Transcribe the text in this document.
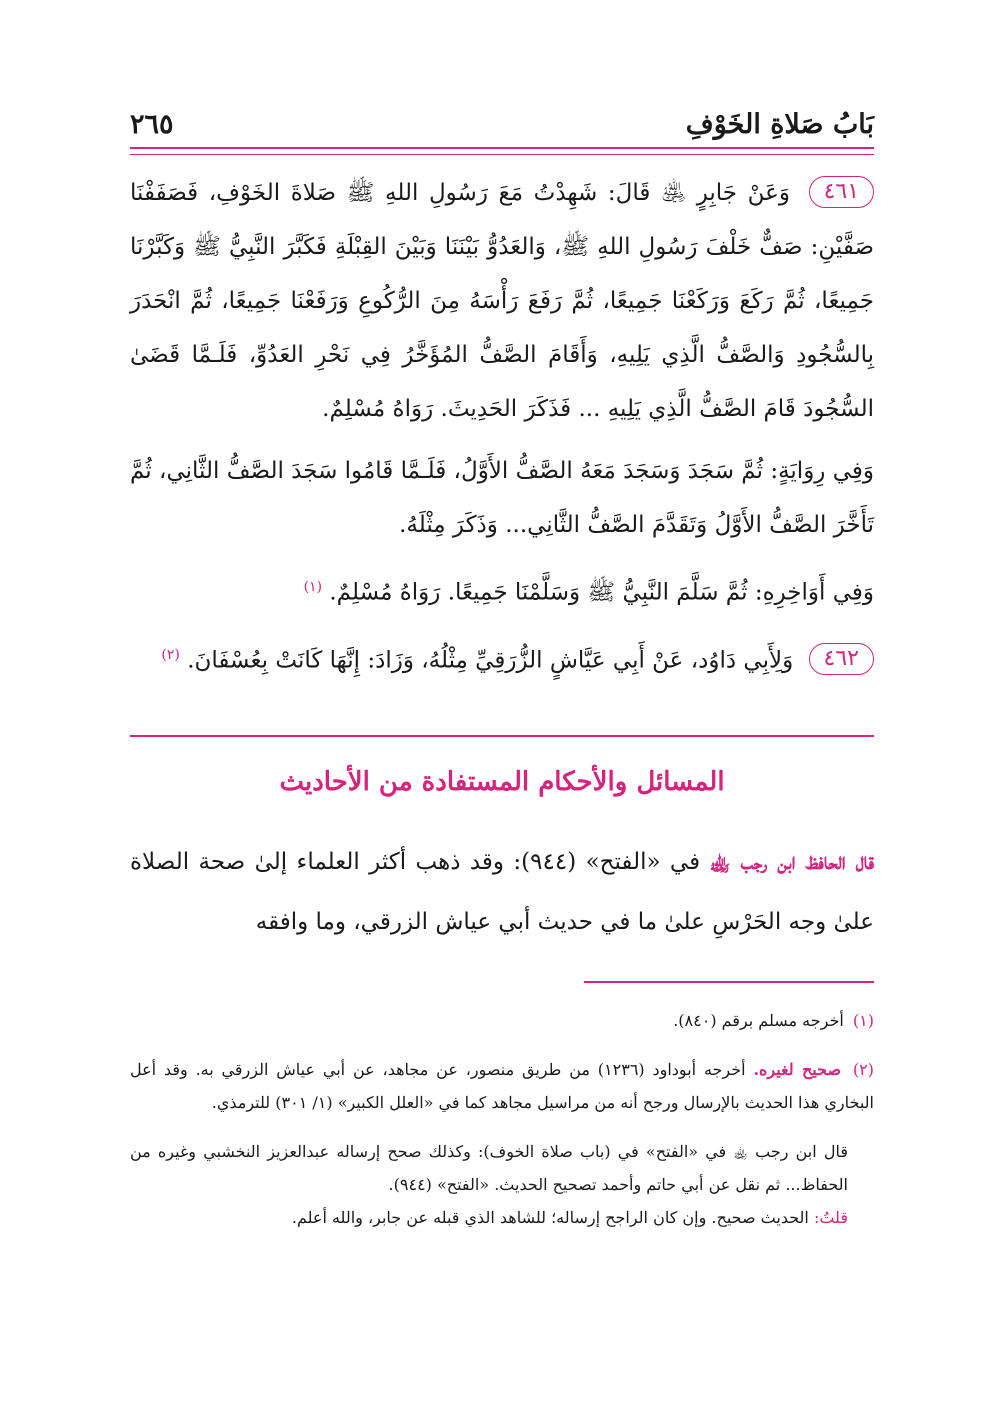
بَابُ صَلاةِ الخَوْفِ
٢٦٥

٤٦١ وَعَنْ جَابِرٍ ﵁ قَالَ: شَهِدْتُ مَعَ رَسُولِ اللهِ ﷺ صَلاةَ الخَوْفِ، فَصَفَفْنَا صَفَّيْنِ: صَفٌّ خَلْفَ رَسُولِ اللهِ ﷺ، وَالعَدُوُّ بَيْنَنَا وَبَيْنَ القِبْلَةِ فَكَبَّرَ النَّبِيُّ ﷺ وَكَبَّرْنَا جَمِيعًا، ثُمَّ رَكَعَ وَرَكَعْنَا جَمِيعًا، ثُمَّ رَفَعَ رَأْسَهُ مِنَ الرُّكُوعِ وَرَفَعْنَا جَمِيعًا، ثُمَّ انْحَدَرَ بِالسُّجُودِ وَالصَّفُّ الَّذِي يَلِيهِ، وَأَقَامَ الصَّفُّ المُؤَخَّرُ فِي نَحْرِ العَدُوِّ، فَلَـمَّا قَضَىٰ السُّجُودَ قَامَ الصَّفُّ الَّذِي يَلِيهِ ... فَذَكَرَ الحَدِيثَ. رَوَاهُ مُسْلِمٌ.

وَفِي رِوَايَةٍ: ثُمَّ سَجَدَ وَسَجَدَ مَعَهُ الصَّفُّ الأَوَّلُ، فَلَـمَّا قَامُوا سَجَدَ الصَّفُّ الثَّانِي، ثُمَّ تَأَخَّرَ الصَّفُّ الأَوَّلُ وَتَقَدَّمَ الصَّفُّ الثَّانِي... وَذَكَرَ مِثْلَهُ.

وَفِي أَوَاخِرِهِ: ثُمَّ سَلَّمَ النَّبِيُّ ﷺ وَسَلَّمْنَا جَمِيعًا. رَوَاهُ مُسْلِمٌ. $^{(١)}$

٤٦٢ وَلِأَبِي دَاوُد، عَنْ أَبِي عَيَّاشٍ الزُّرَقِيِّ مِثْلُهُ، وَزَادَ: إِنَّهَا كَانَتْ بِعُسْفَانَ. $^{(٢)}$

المسائل والأحكام المستفادة من الأحاديث
قال الحافظ ابن رجب ﵀ في «الفتح» (٩٤٤): وقد ذهب أكثر العلماء إلىٰ صحة الصلاة علىٰ وجه الحَرْسِ علىٰ ما في حديث أبي عياش الزرقي، وما وافقه

(١) أخرجه مسلم برقم (٨٤٠).

(٢) صحيح لغيره. أخرجه أبوداود (١٢٣٦) من طريق منصور، عن مجاهد، عن أبي عياش الزرقي به. وقد أعل البخاري هذا الحديث بالإرسال ورجح أنه من مراسيل مجاهد كما في «العلل الكبير» (١/ ٣٠١) للترمذي.

قال ابن رجب ﵀ في «الفتح» في (باب صلاة الخوف): وكذلك صحح إرساله عبدالعزيز النخشبي وغيره من الحفاظ... ثم نقل عن أبي حاتم وأحمد تصحيح الحديث. «الفتح» (٩٤٤).
قلتُ: الحديث صحيح. وإن كان الراجح إرساله؛ للشاهد الذي قبله عن جابر، والله أعلم.
